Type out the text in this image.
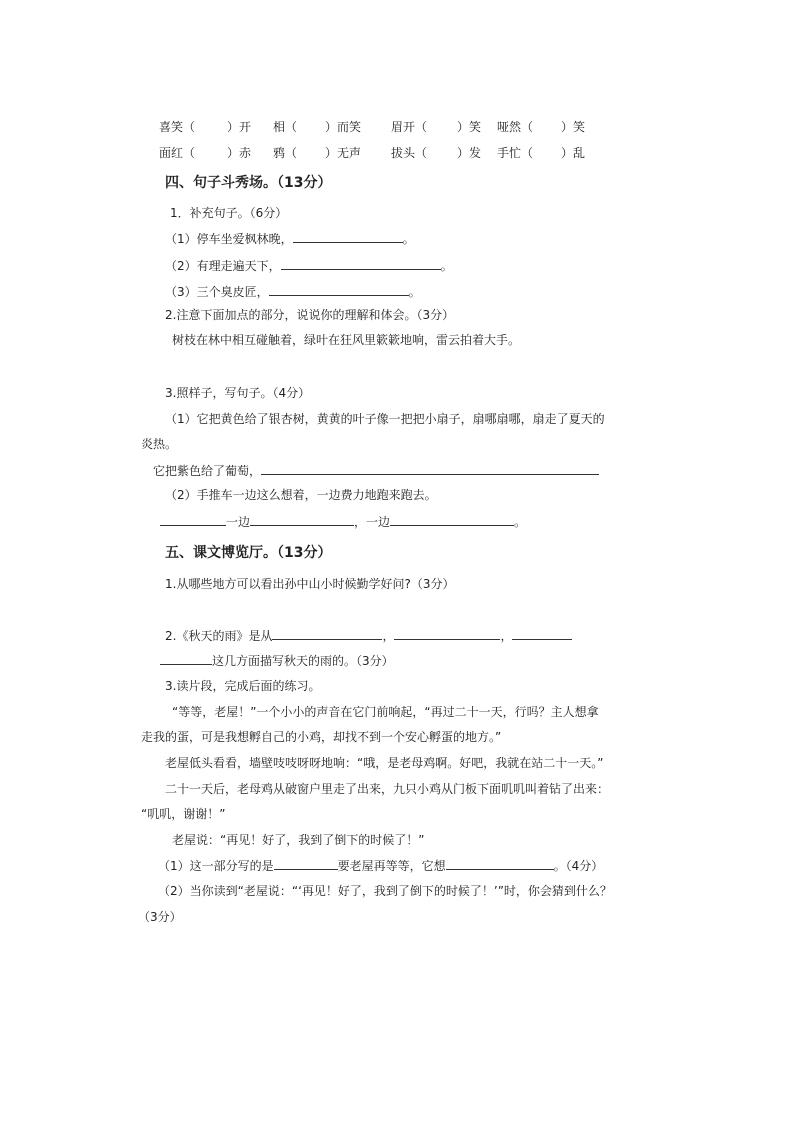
喜笑（	）开 相（ ）而笑 眉开（ ）笑 哑然（ ）笑
面红（	）赤 鸦（ ）无声 拔头（ ）发 手忙（ ）乱
四、句子斗秀场。（13分）
1．补充句子。（6分）
（1）停车坐爱枫林晚，	。
（2）有理走遍天下，	。
（3）三个臭皮匠，	。
2.注意下面加点的部分，说说你的理解和体会。（3分）
树枝在林中相互碰触着，绿叶在狂风里簌簌地响，雷云拍着大手。
3.照样子，写句子。（4分）
（1）它把黄色给了银杏树，黄黄的叶子像一把把小扇子，扇哪扇哪，扇走了夏天的
炎热。
它把紫色给了葡萄，
（2）手推车一边这么想着，一边费力地跑来跑去。
一边	，一边	。
五、课文博览厅。（13分）
1.从哪些地方可以看出孙中山小时候勤学好问?（3分）
2.《秋天的雨》是从	，	，
这几方面描写秋天的雨的。（3分）
3.读片段，完成后面的练习。
“等等，老屋！”一个小小的声音在它门前响起，“再过二十一天，行吗？主人想拿
走我的蛋，可是我想孵自己的小鸡，却找不到一个安心孵蛋的地方。”
老屋低头看看，墙壁吱吱呀呀地响：“哦，是老母鸡啊。好吧，我就在站二十一天。”
二十一天后，老母鸡从破窗户里走了出来，九只小鸡从门板下面叽叽叫着钻了出来：
“叽叽，谢谢！”
老屋说：“再见！好了，我到了倒下的时候了！”
（1）这一部分写的是	要老屋再等等，它想	。（4分）
（2）当你读到“老屋说：“‘再见！好了，我到了倒下的时候了！’”时，你会猜到什么？
（3分）
